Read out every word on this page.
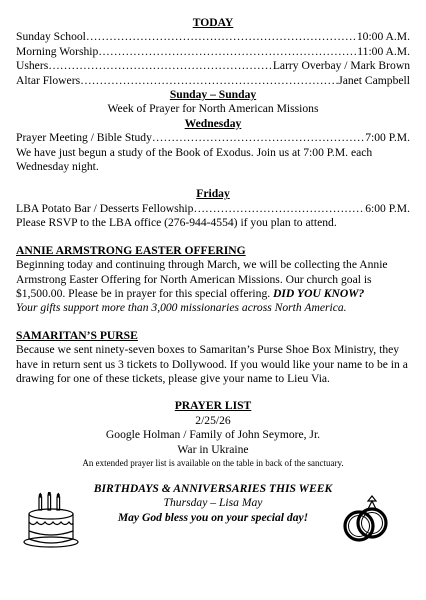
TODAY
Sunday School ……………………………………………………………………………………………………………………………	10:00 A.M.
Morning Worship ……………………………………………………………………………………………………………………………	11:00 A.M.
Ushers ……………………………………………………………………………………………………………………………	Larry Overbay / Mark Brown
Altar Flowers ……………………………………………………………………………………………………………………………	Janet Campbell
Sunday – Sunday
Week of Prayer for North American Missions
Wednesday
Prayer Meeting / Bible Study ……………………………………………………………………………………………………………………………	7:00 P.M.
We have just begun a study of the Book of Exodus. Join us at 7:00 P.M. each Wednesday night.
Friday
LBA Potato Bar / Desserts Fellowship ……………………………………………………………………………………………………………………………	6:00 P.M.
Please RSVP to the LBA office (276-944-4554) if you plan to attend.
ANNIE ARMSTRONG EASTER OFFERING
Beginning today and continuing through March, we will be collecting the Annie Armstrong Easter Offering for North American Missions. Our church goal is $1,500.00. Please be in prayer for this special offering. DID YOU KNOW?
Your gifts support more than 3,000 missionaries across North America.
SAMARITAN’S PURSE
Because we sent ninety-seven boxes to Samaritan’s Purse Shoe Box Ministry, they have in return sent us 3 tickets to Dollywood. If you would like your name to be in a drawing for one of these tickets, please give your name to Lieu Via.
PRAYER LIST
2/25/26
Google Holman / Family of John Seymore, Jr.
War in Ukraine
An extended prayer list is available on the table in back of the sanctuary.
BIRTHDAYS & ANNIVERSARIES THIS WEEK
Thursday – Lisa May
May God bless you on your special day!
